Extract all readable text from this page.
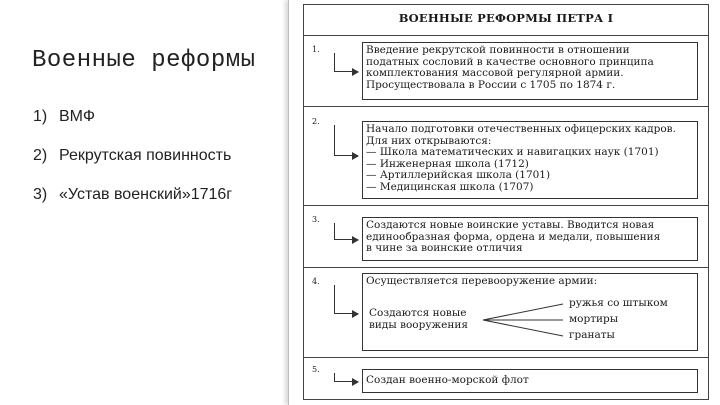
Военные реформы
1) ВМФ
2) Рекрутская повинность
3) «Устав военский»1716г
ВОЕННЫЕ РЕФОРМЫ ПЕТРА I
1.	Введение рекрутской повинности в отношении
податных сословий в качестве основного принципа
комплектования массовой регулярной армии.
Просуществовала в России с 1705 по 1874 г.
2.
Начало подготовки отечественных офицерских кадров.
Для них открываются:
— Школа математических и навигацких наук (1701)
— Инженерная школа (1712)
— Артиллерийская школа (1701)
— Медицинская школа (1707)
3.	Создаются новые воинские уставы. Вводится новая
единообразная форма, ордена и медали, повышения
в чине за воинские отличия
4.	Осуществляется перевооружение армии:
Создаются новые
виды вооружения
ружья со штыком
мортиры
гранаты
5.
Создан военно-морской флот
